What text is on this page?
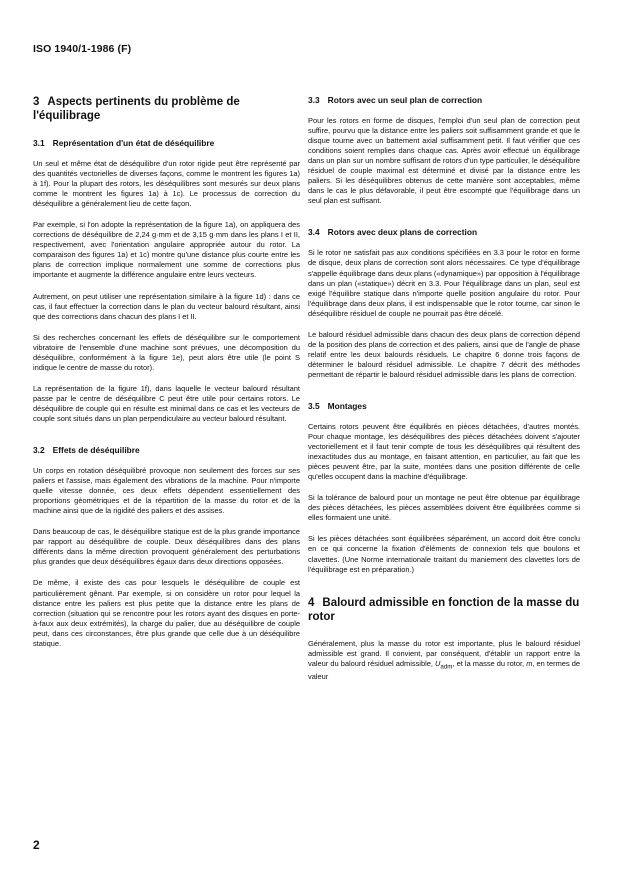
ISO 1940/1-1986 (F)
3 Aspects pertinents du problème de l'équilibrage
3.1 Représentation d'un état de déséquilibre

Un seul et même état de déséquilibre d'un rotor rigide peut être représenté par des quantités vectorielles de diverses façons, comme le montrent les figures 1a) à 1f). Pour la plupart des rotors, les déséquilibres sont mesurés sur deux plans comme le montrent les figures 1a) à 1c). Le processus de correction du déséquilibre a généralement lieu de cette façon.

Par exemple, si l'on adopte la représentation de la figure 1a), on appliquera des corrections de déséquilibre de 2,24 g·mm et de 3,15 g·mm dans les plans I et II, respectivement, avec l'orientation angulaire appropriée autour du rotor. La comparaison des figures 1a) et 1c) montre qu'une distance plus courte entre les plans de correction implique normalement une somme de corrections plus importante et augmente la différence angulaire entre leurs vecteurs.

Autrement, on peut utiliser une représentation similaire à la figure 1d) : dans ce cas, il faut effectuer la correction dans le plan du vecteur balourd résultant, ainsi que des corrections dans chacun des plans I et II.

Si des recherches concernant les effets de déséquilibre sur le comportement vibratoire de l'ensemble d'une machine sont prévues, une décomposition du déséquilibre, conformément à la figure 1e), peut alors être utile (le point S indique le centre de masse du rotor).

La représentation de la figure 1f), dans laquelle le vecteur balourd résultant passe par le centre de déséquilibre C peut être utile pour certains rotors. Le déséquilibre de couple qui en résulte est minimal dans ce cas et les vecteurs de couple sont situés dans un plan perpendiculaire au vecteur balourd résultant.

3.2 Effets de déséquilibre

Un corps en rotation déséquilibré provoque non seulement des forces sur ses paliers et l'assise, mais également des vibrations de la machine. Pour n'importe quelle vitesse donnée, ces deux effets dépendent essentiellement des proportions géométriques et de la répartition de la masse du rotor et de la machine ainsi que de la rigidité des paliers et des assises.

Dans beaucoup de cas, le déséquilibre statique est de la plus grande importance par rapport au déséquilibre de couple. Deux déséquilibres dans des plans différents dans la même direction provoquent généralement des perturbations plus grandes que deux déséquilibres égaux dans deux directions opposées.

De même, il existe des cas pour lesquels le déséquilibre de couple est particulièrement gênant. Par exemple, si on considère un rotor pour lequel la distance entre les paliers est plus petite que la distance entre les plans de correction (situation qui se rencontre pour les rotors ayant des disques en porte-à-faux aux deux extrémités), la charge du palier, due au déséquilibre de couple peut, dans ces circonstances, être plus grande que celle due à un déséquilibre statique.

3.3 Rotors avec un seul plan de correction

Pour les rotors en forme de disques, l'emploi d'un seul plan de correction peut suffire, pourvu que la distance entre les paliers soit suffisamment grande et que le disque tourne avec un battement axial suffisamment petit. Il faut vérifier que ces conditions soient remplies dans chaque cas. Après avoir effectué un équilibrage dans un plan sur un nombre suffisant de rotors d'un type particulier, le déséquilibre résiduel de couple maximal est déterminé et divisé par la distance entre les paliers. Si les déséquilibres obtenus de cette manière sont acceptables, même dans le cas le plus défavorable, il peut être escompté que l'équilibrage dans un seul plan est suffisant.

3.4 Rotors avec deux plans de correction

Si le rotor ne satisfait pas aux conditions spécifiées en 3.3 pour le rotor en forme de disque, deux plans de correction sont alors nécessaires. Ce type d'équilibrage s'appelle équilibrage dans deux plans («dynamique») par opposition à l'équilibrage dans un plan («statique») décrit en 3.3. Pour l'équilibrage dans un plan, seul est exigé l'équilibre statique dans n'importe quelle position angulaire du rotor. Pour l'équilibrage dans deux plans, il est indispensable que le rotor tourne, car sinon le déséquilibre résiduel de couple ne pourrait pas être décelé.

Le balourd résiduel admissible dans chacun des deux plans de correction dépend de la position des plans de correction et des paliers, ainsi que de l'angle de phase relatif entre les deux balourds résiduels. Le chapitre 6 donne trois façons de déterminer le balourd résiduel admissible. Le chapitre 7 décrit des méthodes permettant de répartir le balourd résiduel admissible dans les plans de correction.

3.5 Montages

Certains rotors peuvent être équilibrés en pièces détachées, d'autres montés. Pour chaque montage, les déséquilibres des pièces détachées doivent s'ajouter vectoriellement et il faut tenir compte de tous les déséquilibres qui résultent des inexactitudes dus au montage, en faisant attention, en particulier, au fait que les pièces peuvent être, par la suite, montées dans une position différente de celle qu'elles occupent dans la machine d'équilibrage.

Si la tolérance de balourd pour un montage ne peut être obtenue par équilibrage des pièces détachées, les pièces assemblées doivent être équilibrées comme si elles formaient une unité.

Si les pièces détachées sont équilibrées séparément, un accord doit être conclu en ce qui concerne la fixation d'éléments de connexion tels que boulons et clavettes. (Une Norme internationale traitant du maniement des clavettes lors de l'équilibrage est en préparation.)

4 Balourd admissible en fonction de la masse du rotor

Généralement, plus la masse du rotor est importante, plus le balourd résiduel admissible est grand. Il convient, par conséquent, d'établir un rapport entre la valeur du balourd résiduel admissible, $U_{adm}$, et la masse du rotor, m, en termes de valeur

2
